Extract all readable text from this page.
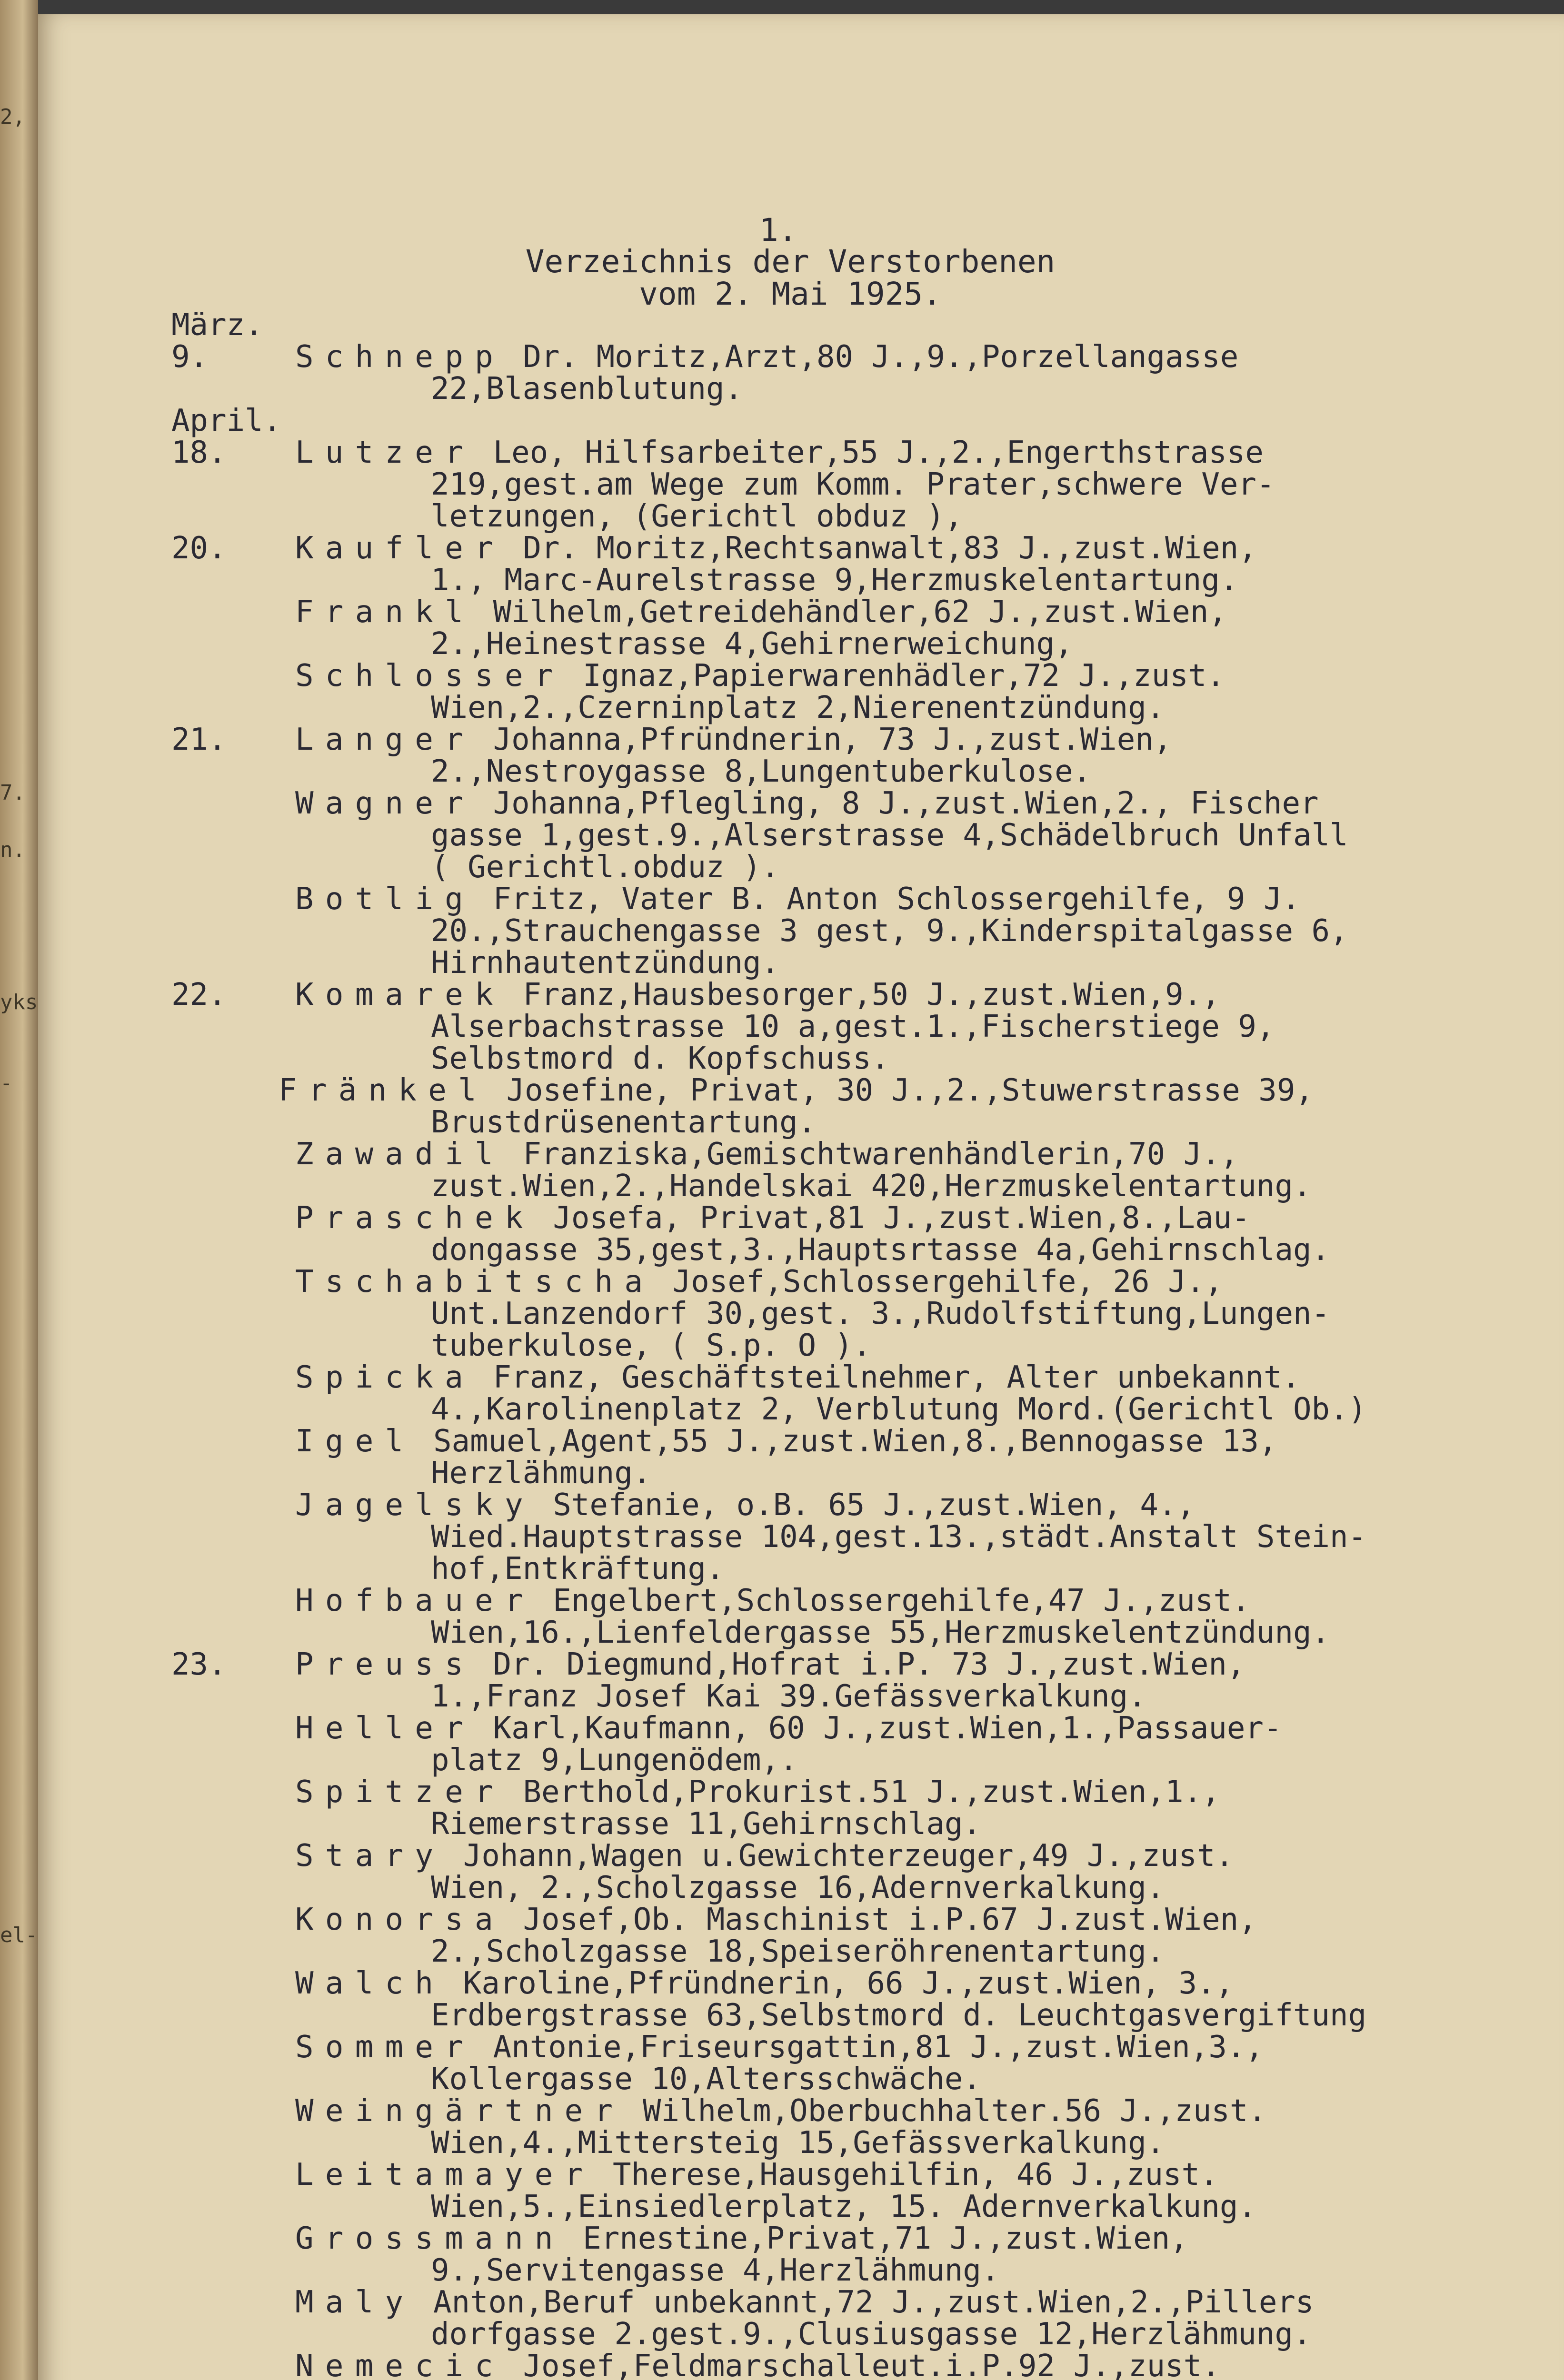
2,
7.
n.
yks
-
el-
1.
Verzeichnis der Verstorbenen
vom 2. Mai 1925.
März.
9.	Schnepp Dr. Moritz,Arzt,80 J.,9.,Porzellangasse
22,Blasenblutung.
April.
18. Lutzer Leo, Hilfsarbeiter,55 J.,2.,Engerthstrasse
219,gest.am Wege zum Komm. Prater,schwere Ver-
letzungen, (Gerichtl obduz ),
20. Kaufler Dr. Moritz,Rechtsanwalt,83 J.,zust.Wien,
1., Marc-Aurelstrasse 9,Herzmuskelentartung.
Frankl Wilhelm,Getreidehändler,62 J.,zust.Wien,
2.,Heinestrasse 4,Gehirnerweichung,
Schlosser Ignaz,Papierwarenhädler,72 J.,zust.
Wien,2.,Czerninplatz 2,Nierenentzündung.
21. Langer Johanna,Pfründnerin, 73 J.,zust.Wien,
2.,Nestroygasse 8,Lungentuberkulose.
Wagner Johanna,Pflegling, 8 J.,zust.Wien,2., Fischer
gasse 1,gest.9.,Alserstrasse 4,Schädelbruch Unfall
( Gerichtl.obduz ).
Botlig Fritz, Vater B. Anton Schlossergehilfe, 9 J.
20.,Strauchengasse 3 gest, 9.,Kinderspitalgasse 6,
Hirnhautentzündung.
22. Komarek Franz,Hausbesorger,50 J.,zust.Wien,9.,
Alserbachstrasse 10 a,gest.1.,Fischerstiege 9,
Selbstmord d. Kopfschuss.
Fränkel Josefine, Privat, 30 J.,2.,Stuwerstrasse 39,
Brustdrüsenentartung.
Zawadil Franziska,Gemischtwarenhändlerin,70 J.,
zust.Wien,2.,Handelskai 420,Herzmuskelentartung.
Praschek Josefa, Privat,81 J.,zust.Wien,8.,Lau-
dongasse 35,gest,3.,Hauptsrtasse 4a,Gehirnschlag.
Tschabitscha Josef,Schlossergehilfe, 26 J.,
Unt.Lanzendorf 30,gest. 3.,Rudolfstiftung,Lungen-
tuberkulose, ( S.p. O ).
Spicka Franz, Geschäftsteilnehmer, Alter unbekannt.
4.,Karolinenplatz 2, Verblutung Mord.(Gerichtl Ob.)
Igel Samuel,Agent,55 J.,zust.Wien,8.,Bennogasse 13,
Herzlähmung.
Jagelsky Stefanie, o.B. 65 J.,zust.Wien, 4.,
Wied.Hauptstrasse 104,gest.13.,städt.Anstalt Stein-
hof,Entkräftung.
Hofbauer Engelbert,Schlossergehilfe,47 J.,zust.
Wien,16.,Lienfeldergasse 55,Herzmuskelentzündung.
23. Preuss Dr. Diegmund,Hofrat i.P. 73 J.,zust.Wien,
1.,Franz Josef Kai 39.Gefässverkalkung.
Heller Karl,Kaufmann, 60 J.,zust.Wien,1.,Passauer-
platz 9,Lungenödem,.
Spitzer Berthold,Prokurist.51 J.,zust.Wien,1.,
Riemerstrasse 11,Gehirnschlag.
Stary Johann,Wagen u.Gewichterzeuger,49 J.,zust.
Wien, 2.,Scholzgasse 16,Adernverkalkung.
Konorsa Josef,Ob. Maschinist i.P.67 J.zust.Wien,
2.,Scholzgasse 18,Speiseröhrenentartung.
Walch Karoline,Pfründnerin, 66 J.,zust.Wien, 3.,
Erdbergstrasse 63,Selbstmord d. Leuchtgasvergiftung
Sommer Antonie,Friseursgattin,81 J.,zust.Wien,3.,
Kollergasse 10,Altersschwäche.
Weingärtner Wilhelm,Oberbuchhalter.56 J.,zust.
Wien,4.,Mittersteig 15,Gefässverkalkung.
Leitamayer Therese,Hausgehilfin, 46 J.,zust.
Wien,5.,Einsiedlerplatz, 15. Adernverkalkung.
Grossmann Ernestine,Privat,71 J.,zust.Wien,
9.,Servitengasse 4,Herzlähmung.
Maly Anton,Beruf unbekannt,72 J.,zust.Wien,2.,Pillers
dorfgasse 2.gest.9.,Clusiusgasse 12,Herzlähmung.
Nemecic Josef,Feldmarschalleut.i.P.92 J.,zust.
